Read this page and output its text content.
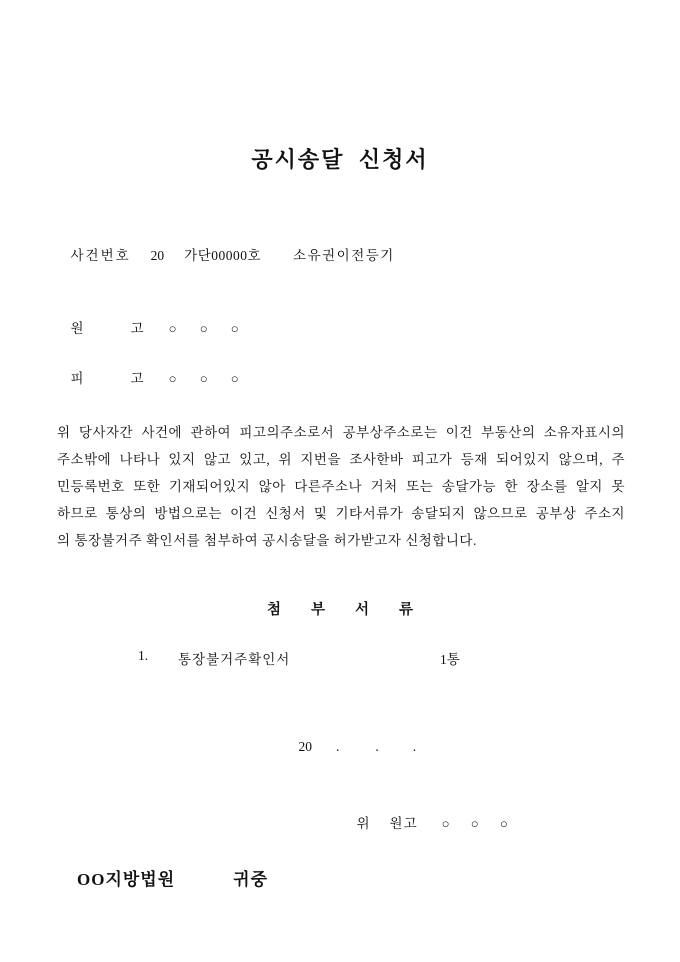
공시송달 신청서

사건번호 20 가단00000호 소유권이전등기

원	고 ○ ○ ○

피	고 ○ ○ ○

위 당사자간 사건에 관하여 피고의주소로서 공부상주소로는 이건 부동산의 소유자표시의
주소밖에 나타나 있지 않고 있고, 위 지번을 조사한바 피고가 등재 되어있지 않으며, 주
민등록번호 또한 기재되어있지 않아 다른주소나 거처 또는 송달가능 한 장소를 알지 못
하므로 통상의 방법으로는 이건 신청서 및 기타서류가 송달되지 않으므로 공부상 주소지
의 통장불거주 확인서를 첨부하여 공시송달을 허가받고자 신청합니다.
첨부서류
1. 통장불거주확인서	1통

20 .	.	.

위 원고 ○ ○ ○

OO지방법원	귀중
